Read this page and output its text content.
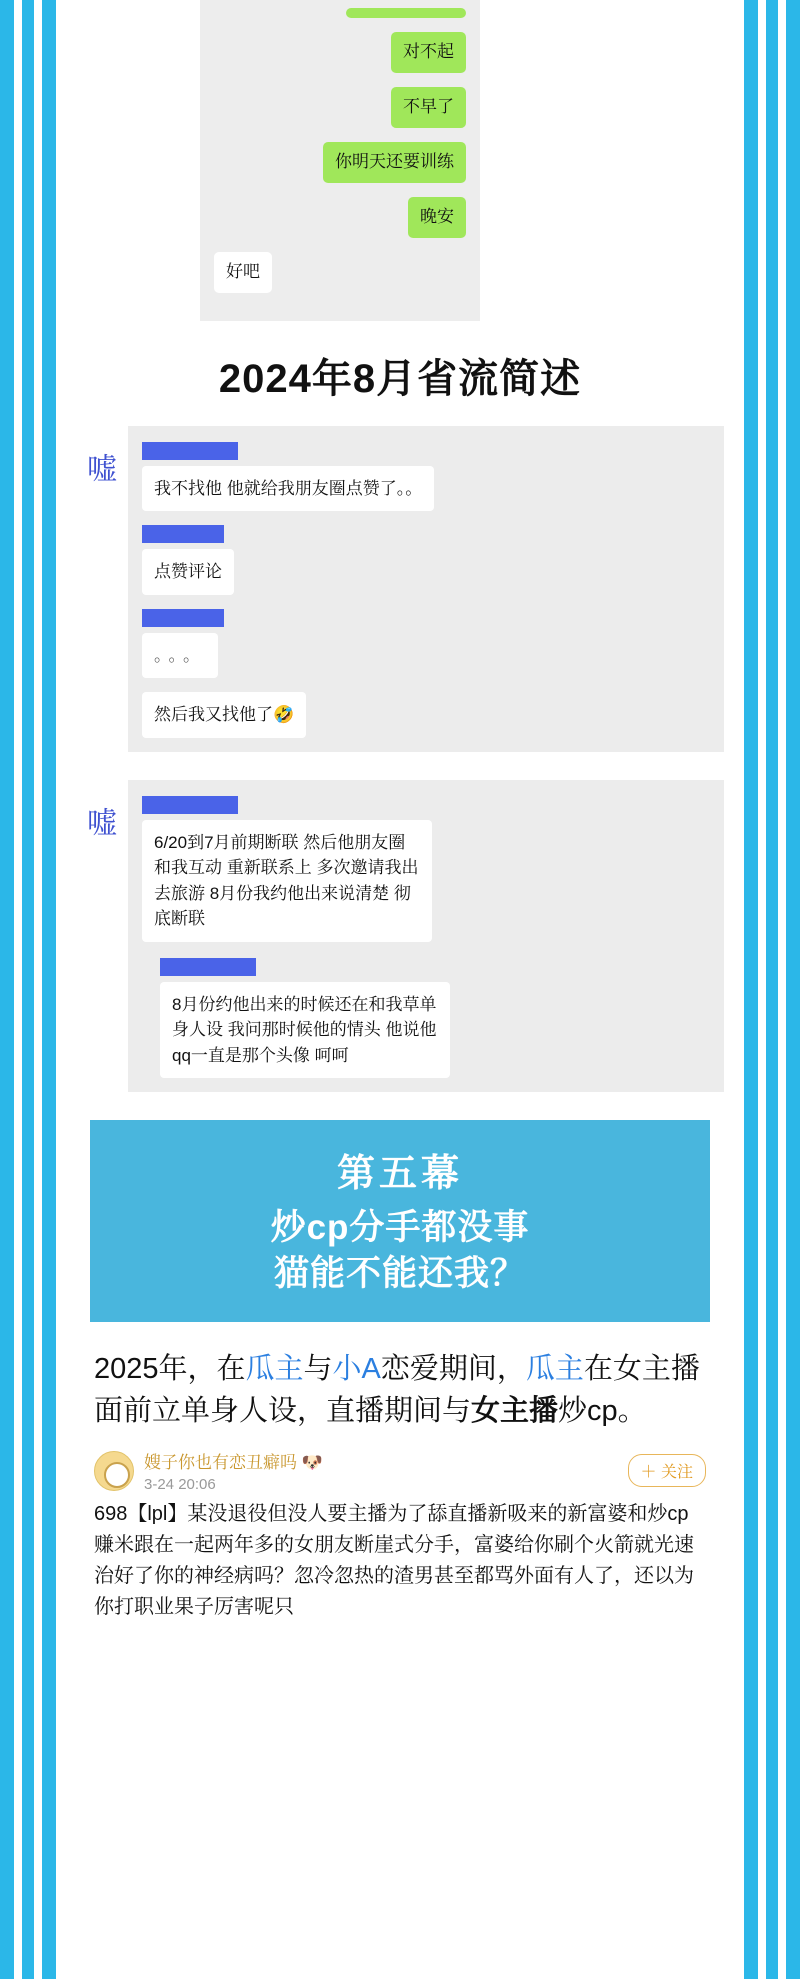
对不起
不早了
你明天还要训练
晚安
好吧
2024年8月省流简述
嘘
我不找他 他就给我朋友圈点赞了。。
点赞评论
。。。
然后我又找他了🤣
嘘
6/20到7月前期断联 然后他朋友圈和我互动 重新联系上 多次邀请我出去旅游 8月份我约他出来说清楚 彻底断联
8月份约他出来的时候还在和我草单身人设 我问那时候他的情头 他说他qq一直是那个头像 呵呵
第五幕
炒cp分手都没事
猫能不能还我？
2025年，在瓜主与小A恋爱期间，瓜主在女主播面前立单身人设，直播期间与女主播炒cp。
嫂子你也有恋丑癖吗 🐶
3-24 20:06
＋ 关注
698【lpl】某没退役但没人要主播为了舔直播新吸来的新富婆和炒cp赚米跟在一起两年多的女朋友断崖式分手，富婆给你刷个火箭就光速治好了你的神经病吗？忽冷忽热的渣男甚至都骂外面有人了，还以为你打职业果子厉害呢只
